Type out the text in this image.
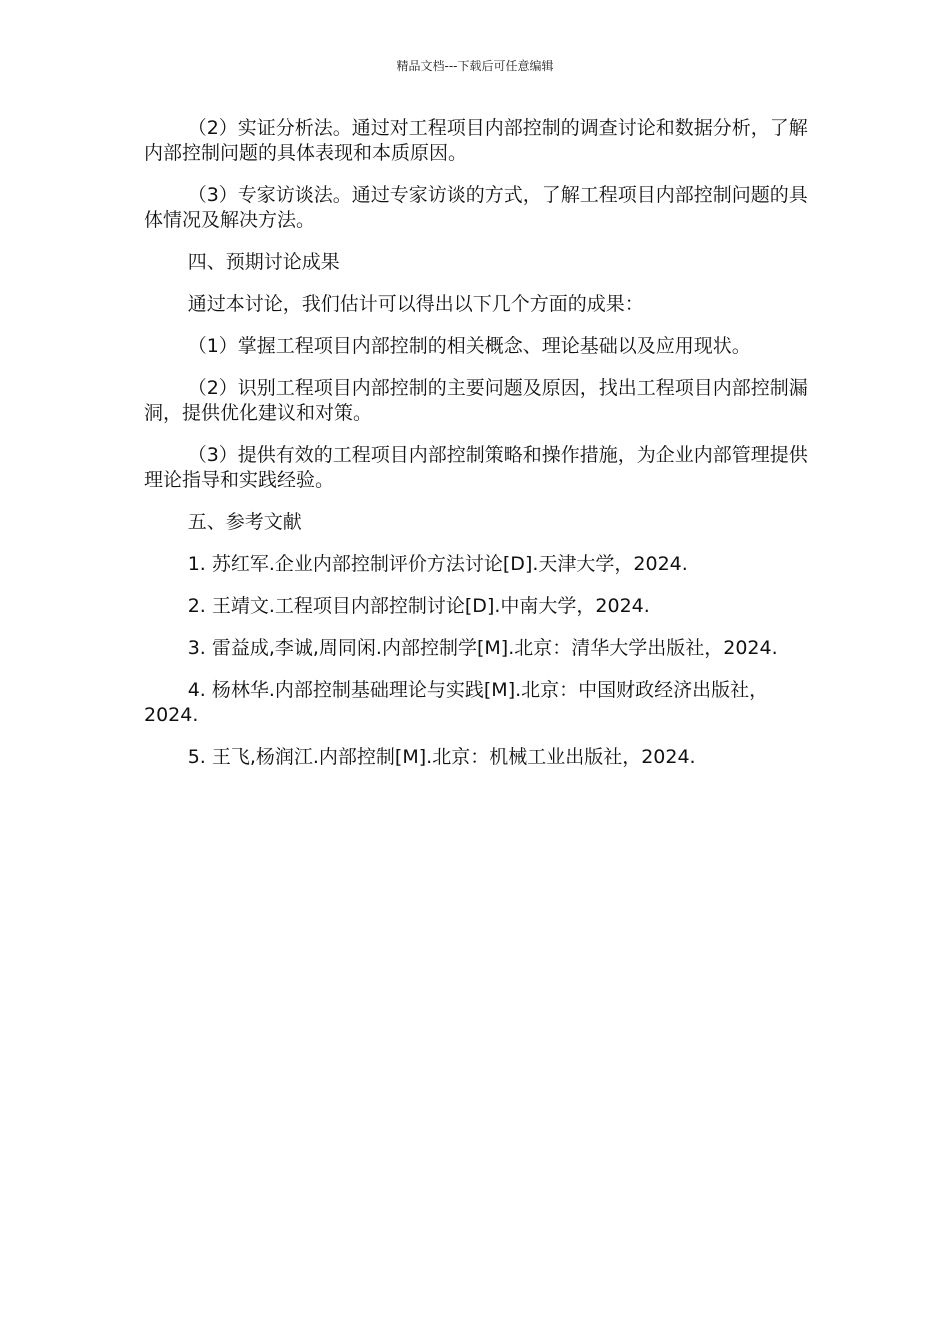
精品文档---下载后可任意编辑

（2）实证分析法。通过对工程项目内部控制的调查讨论和数据分析，了解内部控制问题的具体表现和本质原因。

（3）专家访谈法。通过专家访谈的方式，了解工程项目内部控制问题的具体情况及解决方法。

四、预期讨论成果

通过本讨论，我们估计可以得出以下几个方面的成果：

（1）掌握工程项目内部控制的相关概念、理论基础以及应用现状。

（2）识别工程项目内部控制的主要问题及原因，找出工程项目内部控制漏洞，提供优化建议和对策。

（3）提供有效的工程项目内部控制策略和操作措施，为企业内部管理提供理论指导和实践经验。

五、参考文献

1. 苏红军.企业内部控制评价方法讨论[D].天津大学，2024.

2. 王靖文.工程项目内部控制讨论[D].中南大学，2024.

3. 雷益成,李诚,周同闲.内部控制学[M].北京：清华大学出版社，2024.

4. 杨林华.内部控制基础理论与实践[M].北京：中国财政经济出版社，2024.

5. 王飞,杨润江.内部控制[M].北京：机械工业出版社，2024.
